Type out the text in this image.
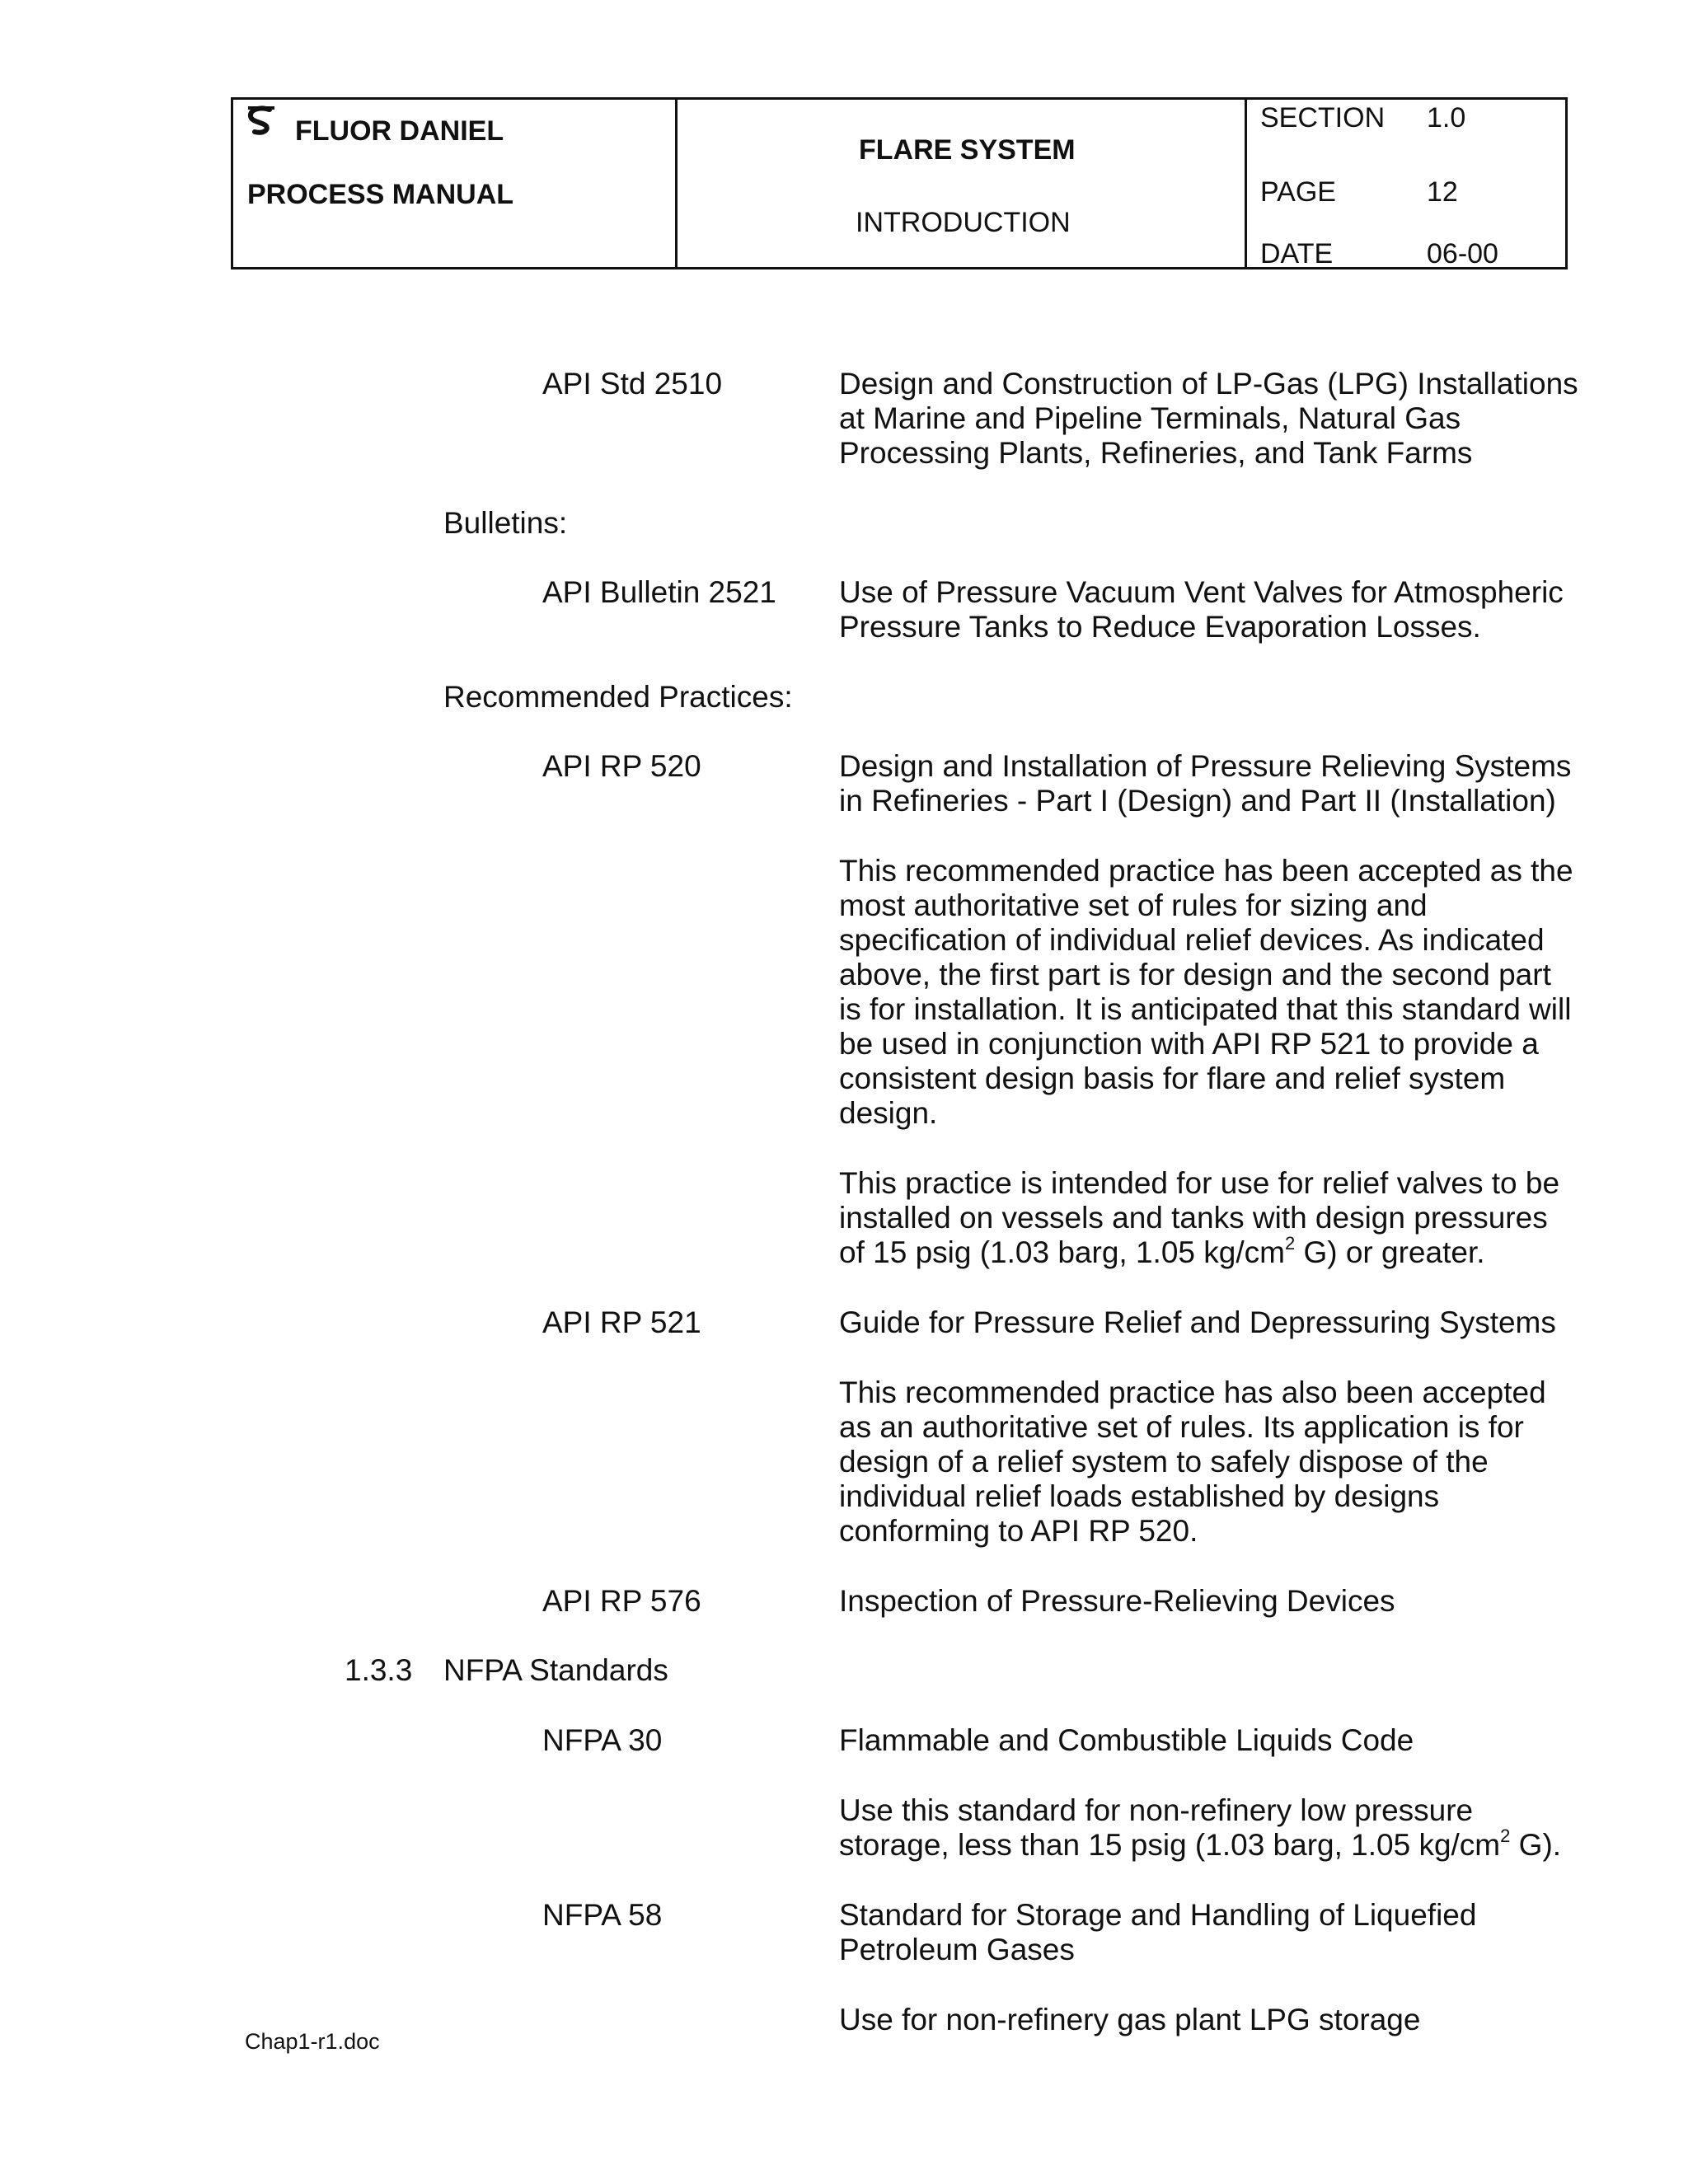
FLUOR DANIEL
PROCESS MANUAL
FLARE SYSTEM
INTRODUCTION
SECTION 1.0
PAGE	12
DATE	06-00
API Std 2510	Design and Construction of LP-Gas (LPG) Installations
at Marine and Pipeline Terminals, Natural Gas
Processing Plants, Refineries, and Tank Farms
Bulletins:
API Bulletin 2521 Use of Pressure Vacuum Vent Valves for Atmospheric
Pressure Tanks to Reduce Evaporation Losses.
Recommended Practices:
API RP 520	Design and Installation of Pressure Relieving Systems
in Refineries - Part I (Design) and Part II (Installation)
This recommended practice has been accepted as the
most authoritative set of rules for sizing and
specification of individual relief devices. As indicated
above, the first part is for design and the second part
is for installation. It is anticipated that this standard will
be used in conjunction with API RP 521 to provide a
consistent design basis for flare and relief system
design.
This practice is intended for use for relief valves to be
installed on vessels and tanks with design pressures
of 15 psig (1.03 barg, 1.05 $kg/cm^2$ G) or greater.
API RP 521	Guide for Pressure Relief and Depressuring Systems
This recommended practice has also been accepted
as an authoritative set of rules. Its application is for
design of a relief system to safely dispose of the
individual relief loads established by designs
conforming to API RP 520.
API RP 576	Inspection of Pressure-Relieving Devices
1.3.3 NFPA Standards
NFPA 30	Flammable and Combustible Liquids Code
Use this standard for non-refinery low pressure
storage, less than 15 psig (1.03 barg, 1.05 $kg/cm^2$ G).
NFPA 58	Standard for Storage and Handling of Liquefied
Petroleum Gases
Use for non-refinery gas plant LPG storage
Chap1-r1.doc
